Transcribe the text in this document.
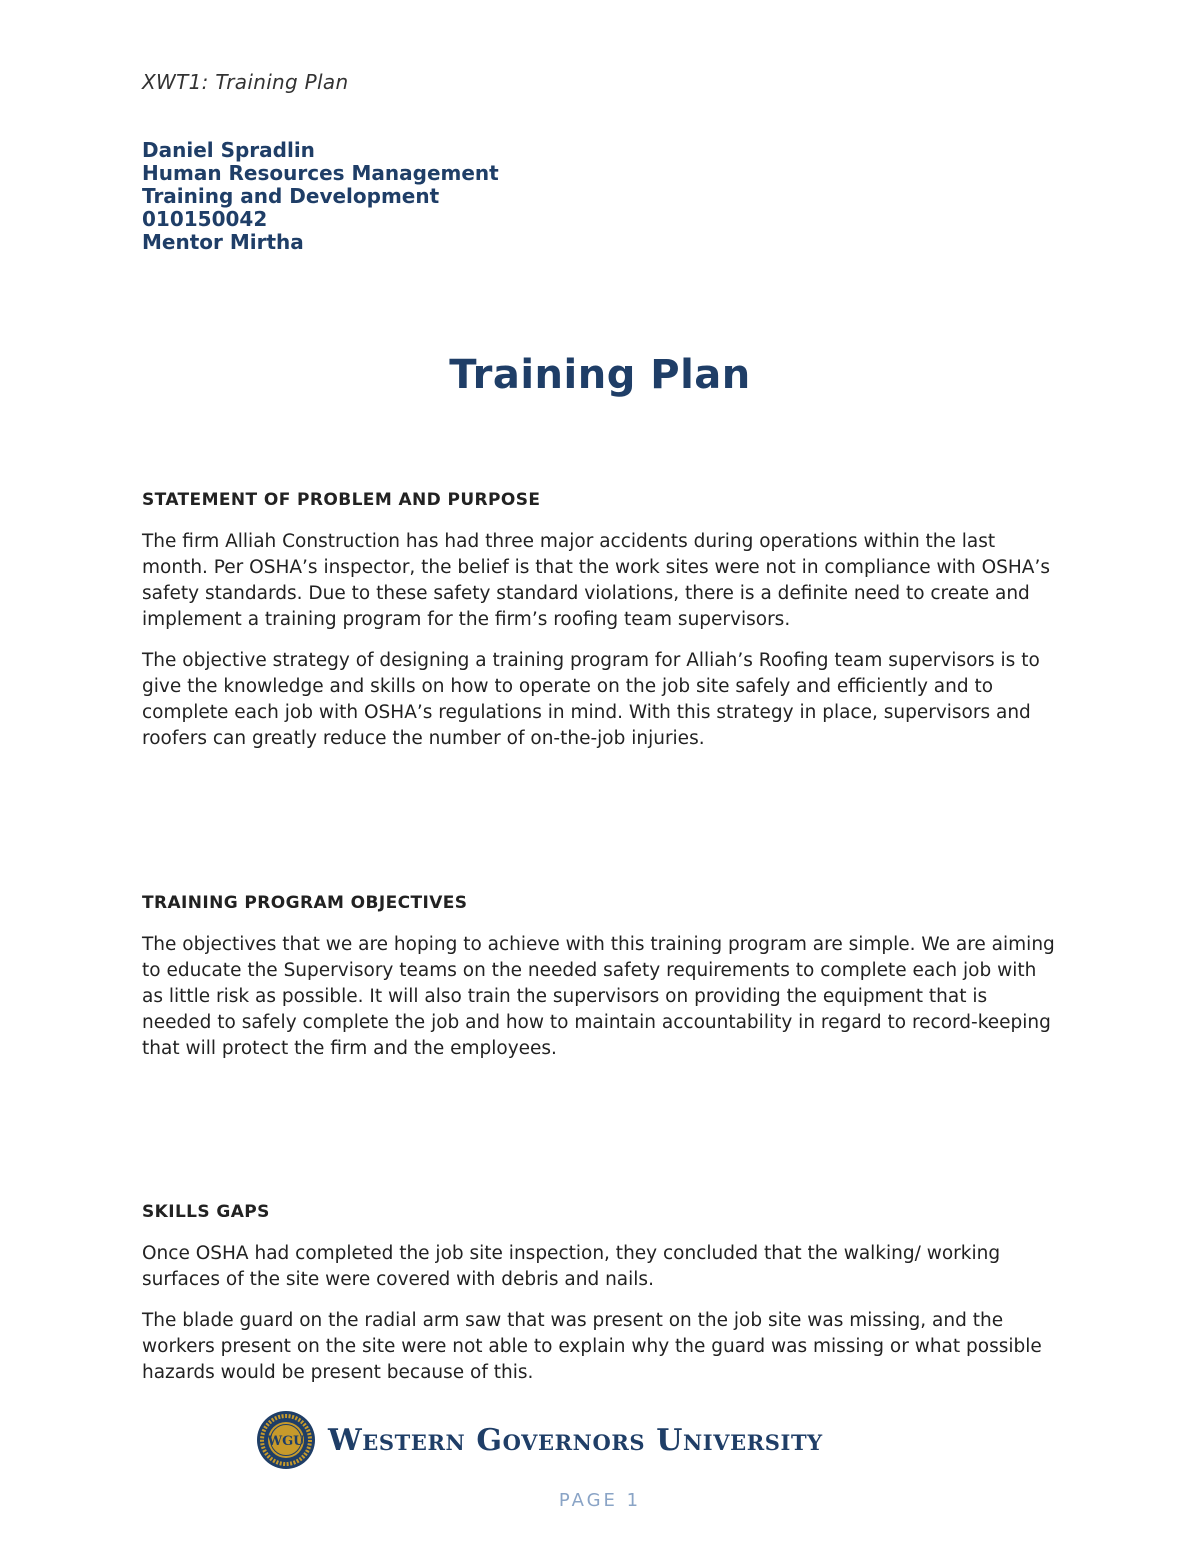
XWT1: Training Plan
Daniel Spradlin
Human Resources Management
Training and Development
010150042
Mentor Mirtha
Training Plan
STATEMENT OF PROBLEM AND PURPOSE

The firm Alliah Construction has had three major accidents during operations within the last month. Per OSHA’s inspector, the belief is that the work sites were not in compliance with OSHA’s safety standards. Due to these safety standard violations, there is a definite need to create and implement a training program for the firm’s roofing team supervisors.

The objective strategy of designing a training program for Alliah’s Roofing team supervisors is to give the knowledge and skills on how to operate on the job site safely and efficiently and to complete each job with OSHA’s regulations in mind. With this strategy in place, supervisors and roofers can greatly reduce the number of on-the-job injuries.

TRAINING PROGRAM OBJECTIVES

The objectives that we are hoping to achieve with this training program are simple. We are aiming to educate the Supervisory teams on the needed safety requirements to complete each job with as little risk as possible. It will also train the supervisors on providing the equipment that is needed to safely complete the job and how to maintain accountability in regard to record-keeping that will protect the firm and the employees.

SKILLS GAPS

Once OSHA had completed the job site inspection, they concluded that the walking/ working surfaces of the site were covered with debris and nails.

The blade guard on the radial arm saw that was present on the job site was missing, and the workers present on the site were not able to explain why the guard was missing or what possible hazards would be present because of this.

WGU Western Governors University
PAGE 1
